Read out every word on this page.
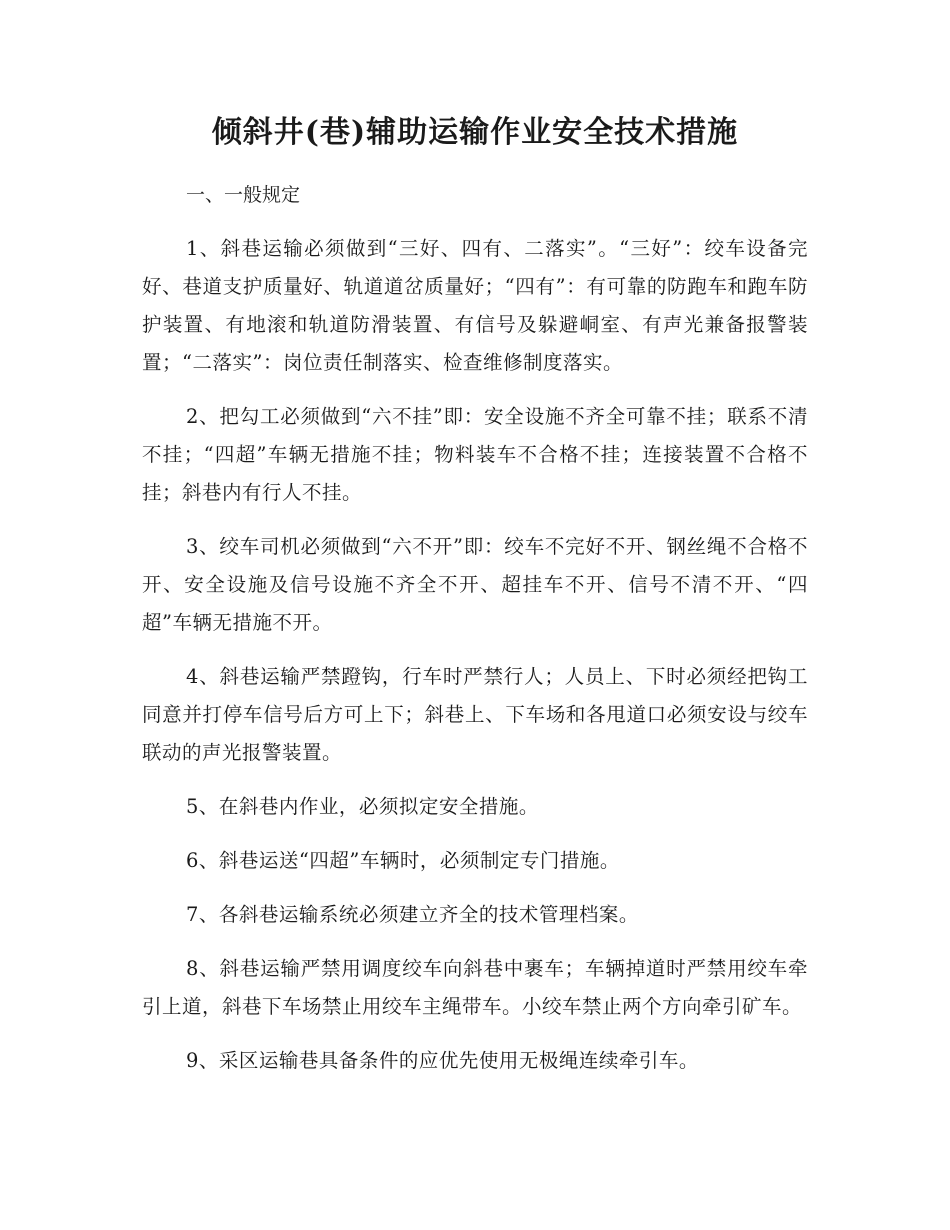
倾斜井(巷)辅助运输作业安全技术措施

一、一般规定

1、斜巷运输必须做到“三好、四有、二落实”。“三好”：绞车设备完好、巷道支护质量好、轨道道岔质量好；“四有”：有可靠的防跑车和跑车防护装置、有地滚和轨道防滑装置、有信号及躲避峒室、有声光兼备报警装置；“二落实”：岗位责任制落实、检查维修制度落实。

2、把勾工必须做到“六不挂”即：安全设施不齐全可靠不挂；联系不清不挂；“四超”车辆无措施不挂；物料装车不合格不挂；连接装置不合格不挂；斜巷内有行人不挂。

3、绞车司机必须做到“六不开”即：绞车不完好不开、钢丝绳不合格不开、安全设施及信号设施不齐全不开、超挂车不开、信号不清不开、“四超”车辆无措施不开。

4、斜巷运输严禁蹬钩，行车时严禁行人；人员上、下时必须经把钩工同意并打停车信号后方可上下；斜巷上、下车场和各甩道口必须安设与绞车联动的声光报警装置。

5、在斜巷内作业，必须拟定安全措施。

6、斜巷运送“四超”车辆时，必须制定专门措施。

7、各斜巷运输系统必须建立齐全的技术管理档案。

8、斜巷运输严禁用调度绞车向斜巷中裹车；车辆掉道时严禁用绞车牵引上道，斜巷下车场禁止用绞车主绳带车。小绞车禁止两个方向牵引矿车。

9、采区运输巷具备条件的应优先使用无极绳连续牵引车。
